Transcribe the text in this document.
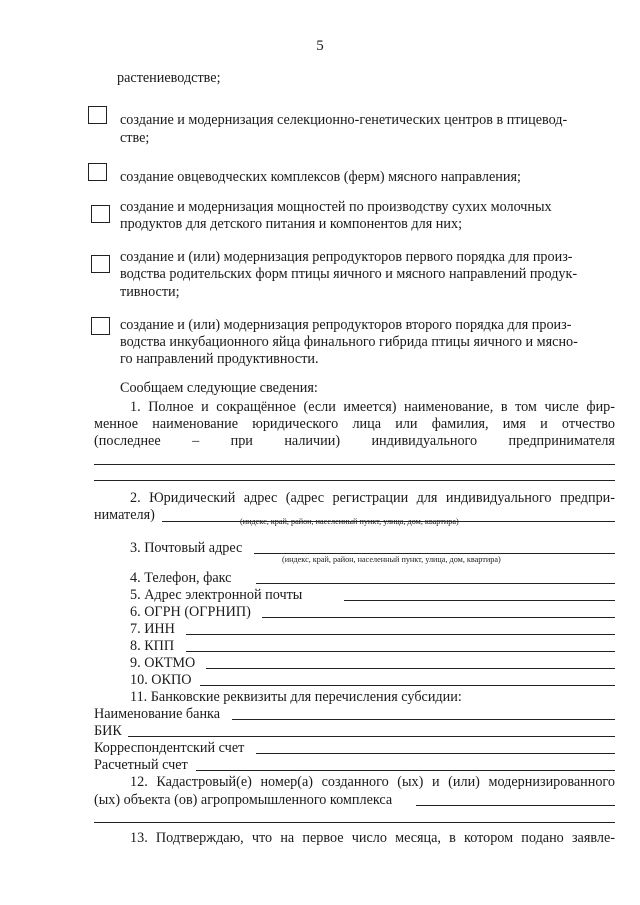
5
растениеводстве;
создание и модернизация селекционно-генетических центров в птицевод-
стве;
создание овцеводческих комплексов (ферм) мясного направления;
создание и модернизация мощностей по производству сухих молочных
продуктов для детского питания и компонентов для них;
создание и (или) модернизация репродукторов первого порядка для произ-
водства родительских форм птицы яичного и мясного направлений продук-
тивности;
создание и (или) модернизация репродукторов второго порядка для произ-
водства инкубационного яйца финального гибрида птицы яичного и мясно-
го направлений продуктивности.
Сообщаем следующие сведения:
1. Полное и сокращённое (если имеется) наименование, в том числе фир-
менное наименование юридического лица или фамилия, имя и отчество
(последнее – при наличии) индивидуального предпринимателя
2. Юридический адрес (адрес регистрации для индивидуального предпри-
нимателя)	(индекс, край, район, населенный пункт, улица, дом, квартира)
3. Почтовый адрес
(индекс, край, район, населенный пункт, улица, дом, квартира)
4. Телефон, факс
5. Адрес электронной почты
6. ОГРН (ОГРНИП)
7. ИНН
8. КПП
9. ОКТМО
10. ОКПО
11. Банковские реквизиты для перечисления субсидии:
Наименование банка
БИК
Корреспондентский счет
Расчетный счет
12. Кадастровый(е) номер(а) созданного (ых) и (или) модернизированного
(ых) объекта (ов) агропромышленного комплекса
13. Подтверждаю, что на первое число месяца, в котором подано заявле-
